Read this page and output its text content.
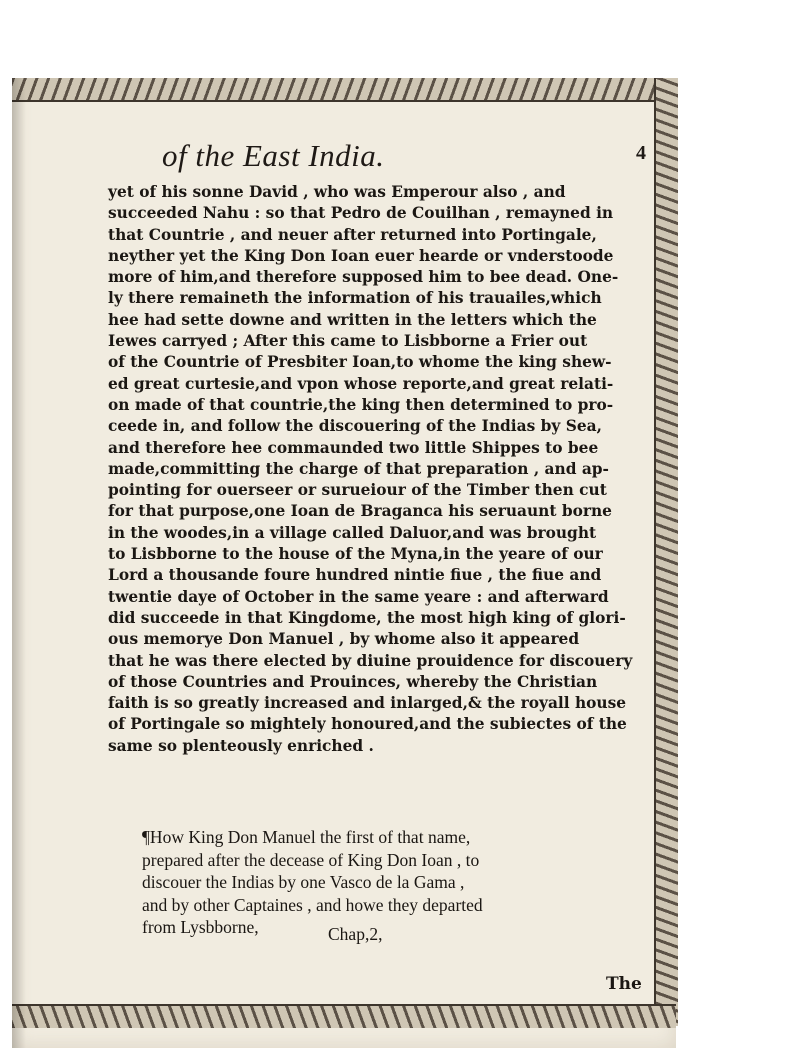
of the East India.	4
yet of his sonne David , who was Emperour also , and
succeeded Nahu : so that Pedro de Couilhan , remayned in
that Countrie , and neuer after returned into Portingale,
neyther yet the King Don Ioan euer hearde or vnderstoode
more of him,and therefore supposed him to bee dead. One-
ly there remaineth the information of his trauailes,which
hee had sette downe and written in the letters which the
Iewes carryed ; After this came to Lisbborne a Frier out
of the Countrie of Presbiter Ioan,to whome the king shew-
ed great curtesie,and vpon whose reporte,and great relati-
on made of that countrie,the king then determined to pro-
ceede in, and follow the discouering of the Indias by Sea,
and therefore hee commaunded two little Shippes to bee
made,committing the charge of that preparation , and ap-
pointing for ouerseer or surueiour of the Timber then cut
for that purpose,one Ioan de Braganca his seruaunt borne
in the woodes,in a village called Daluor,and was brought
to Lisbborne to the house of the Myna,in the yeare of our
Lord a thousande foure hundred nintie fiue , the fiue and
twentie daye of October in the same yeare : and afterward
did succeede in that Kingdome, the most high king of glori-
ous memorye Don Manuel , by whome also it appeared
that he was there elected by diuine prouidence for discouery
of those Countries and Prouinces, whereby the Christian
faith is so greatly increased and inlarged,& the royall house
of Portingale so mightely honoured,and the subiectes of the
same so plenteously enriched .
¶How King Don Manuel the first of that name,
prepared after the decease of King Don Ioan , to
discouer the Indias by one Vasco de la Gama ,
and by other Captaines , and howe they departed
from Lysbborne,	Chap,2,
The
